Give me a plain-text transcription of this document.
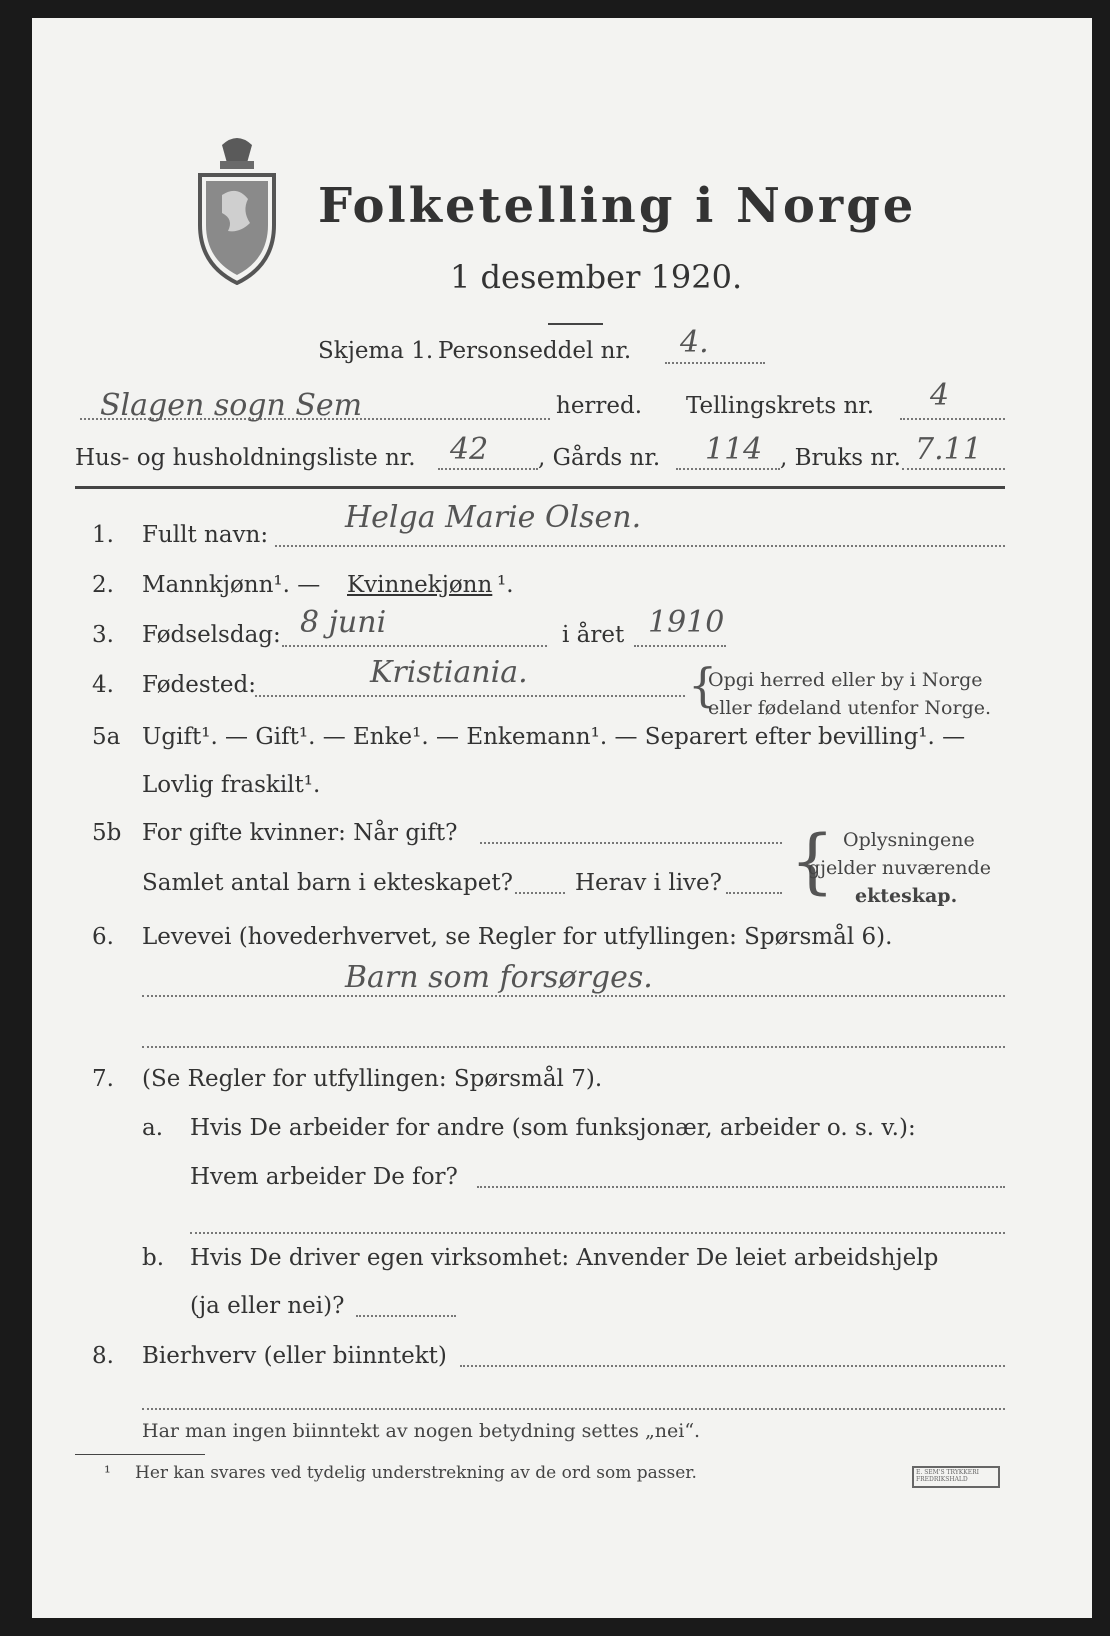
Folketelling i Norge
1 desember 1920.
Skjema 1. Personseddel nr. 4.
Slagen sogn Sem	herred. Tellingskrets nr. 4
Hus- og husholdningsliste nr. 42 , Gårds nr. 114 , Bruks nr. 7.11
1. Fullt navn:	Helga Marie Olsen.
2. Mannkjønn¹. — Kvinnekjønn ¹.
3. Fødselsdag: 8 juni	i året 1910
4. Fødested:	Kristiania.	{
Opgi herred eller by i Norge
eller fødeland utenfor Norge.
5a Ugift¹. — Gift¹. — Enke¹. — Enkemann¹. — Separert efter bevilling¹. —
Lovlig fraskilt¹.
5b For gifte kvinner: Når gift?
Samlet antal barn i ekteskapet?	Herav i live? { Oplysningene
gjelder nuværende
ekteskap.
6. Levevei (hovederhvervet, se Regler for utfyllingen: Spørsmål 6).
Barn som forsørges.
7. (Se Regler for utfyllingen: Spørsmål 7).
a. Hvis De arbeider for andre (som funksjonær, arbeider o. s. v.):
Hvem arbeider De for?
b. Hvis De driver egen virksomhet: Anvender De leiet arbeidshjelp
(ja eller nei)?
8. Bierhverv (eller biinntekt)
Har man ingen biinntekt av nogen betydning settes „nei“.
¹ Her kan svares ved tydelig understrekning av de ord som passer.	E. SEM'S TRYKKERI FREDRIKSHALD
